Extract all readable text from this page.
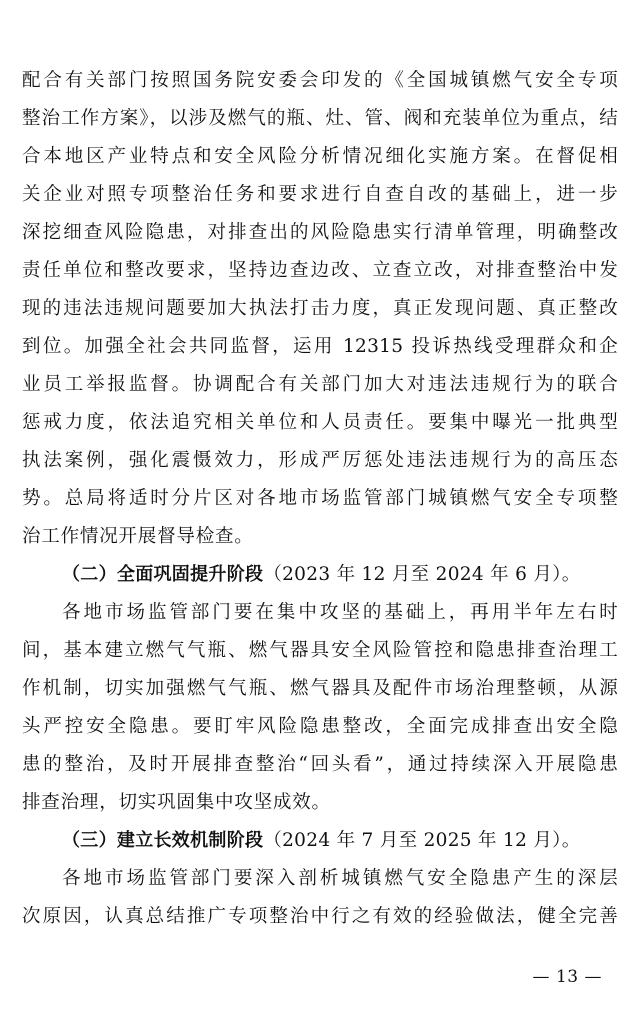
配合有关部门按照国务院安委会印发的《全国城镇燃气安全专项
整治工作方案》，以涉及燃气的瓶、灶、管、阀和充装单位为重点，结
合本地区产业特点和安全风险分析情况细化实施方案。在督促相
关企业对照专项整治任务和要求进行自查自改的基础上，进一步
深挖细查风险隐患，对排查出的风险隐患实行清单管理，明确整改
责任单位和整改要求，坚持边查边改、立查立改，对排查整治中发
现的违法违规问题要加大执法打击力度，真正发现问题、真正整改
到位。加强全社会共同监督，运用 12315 投诉热线受理群众和企
业员工举报监督。协调配合有关部门加大对违法违规行为的联合
惩戒力度，依法追究相关单位和人员责任。要集中曝光一批典型
执法案例，强化震慑效力，形成严厉惩处违法违规行为的高压态
势。总局将适时分片区对各地市场监管部门城镇燃气安全专项整
治工作情况开展督导检查。
（二）全面巩固提升阶段（2023 年 12 月至 2024 年 6 月）。
各地市场监管部门要在集中攻坚的基础上，再用半年左右时
间，基本建立燃气气瓶、燃气器具安全风险管控和隐患排查治理工
作机制，切实加强燃气气瓶、燃气器具及配件市场治理整顿，从源
头严控安全隐患。要盯牢风险隐患整改，全面完成排查出安全隐
患的整治，及时开展排查整治“回头看”，通过持续深入开展隐患
排查治理，切实巩固集中攻坚成效。
（三）建立长效机制阶段（2024 年 7 月至 2025 年 12 月）。
各地市场监管部门要深入剖析城镇燃气安全隐患产生的深层
次原因，认真总结推广专项整治中行之有效的经验做法，健全完善
— 13 —
